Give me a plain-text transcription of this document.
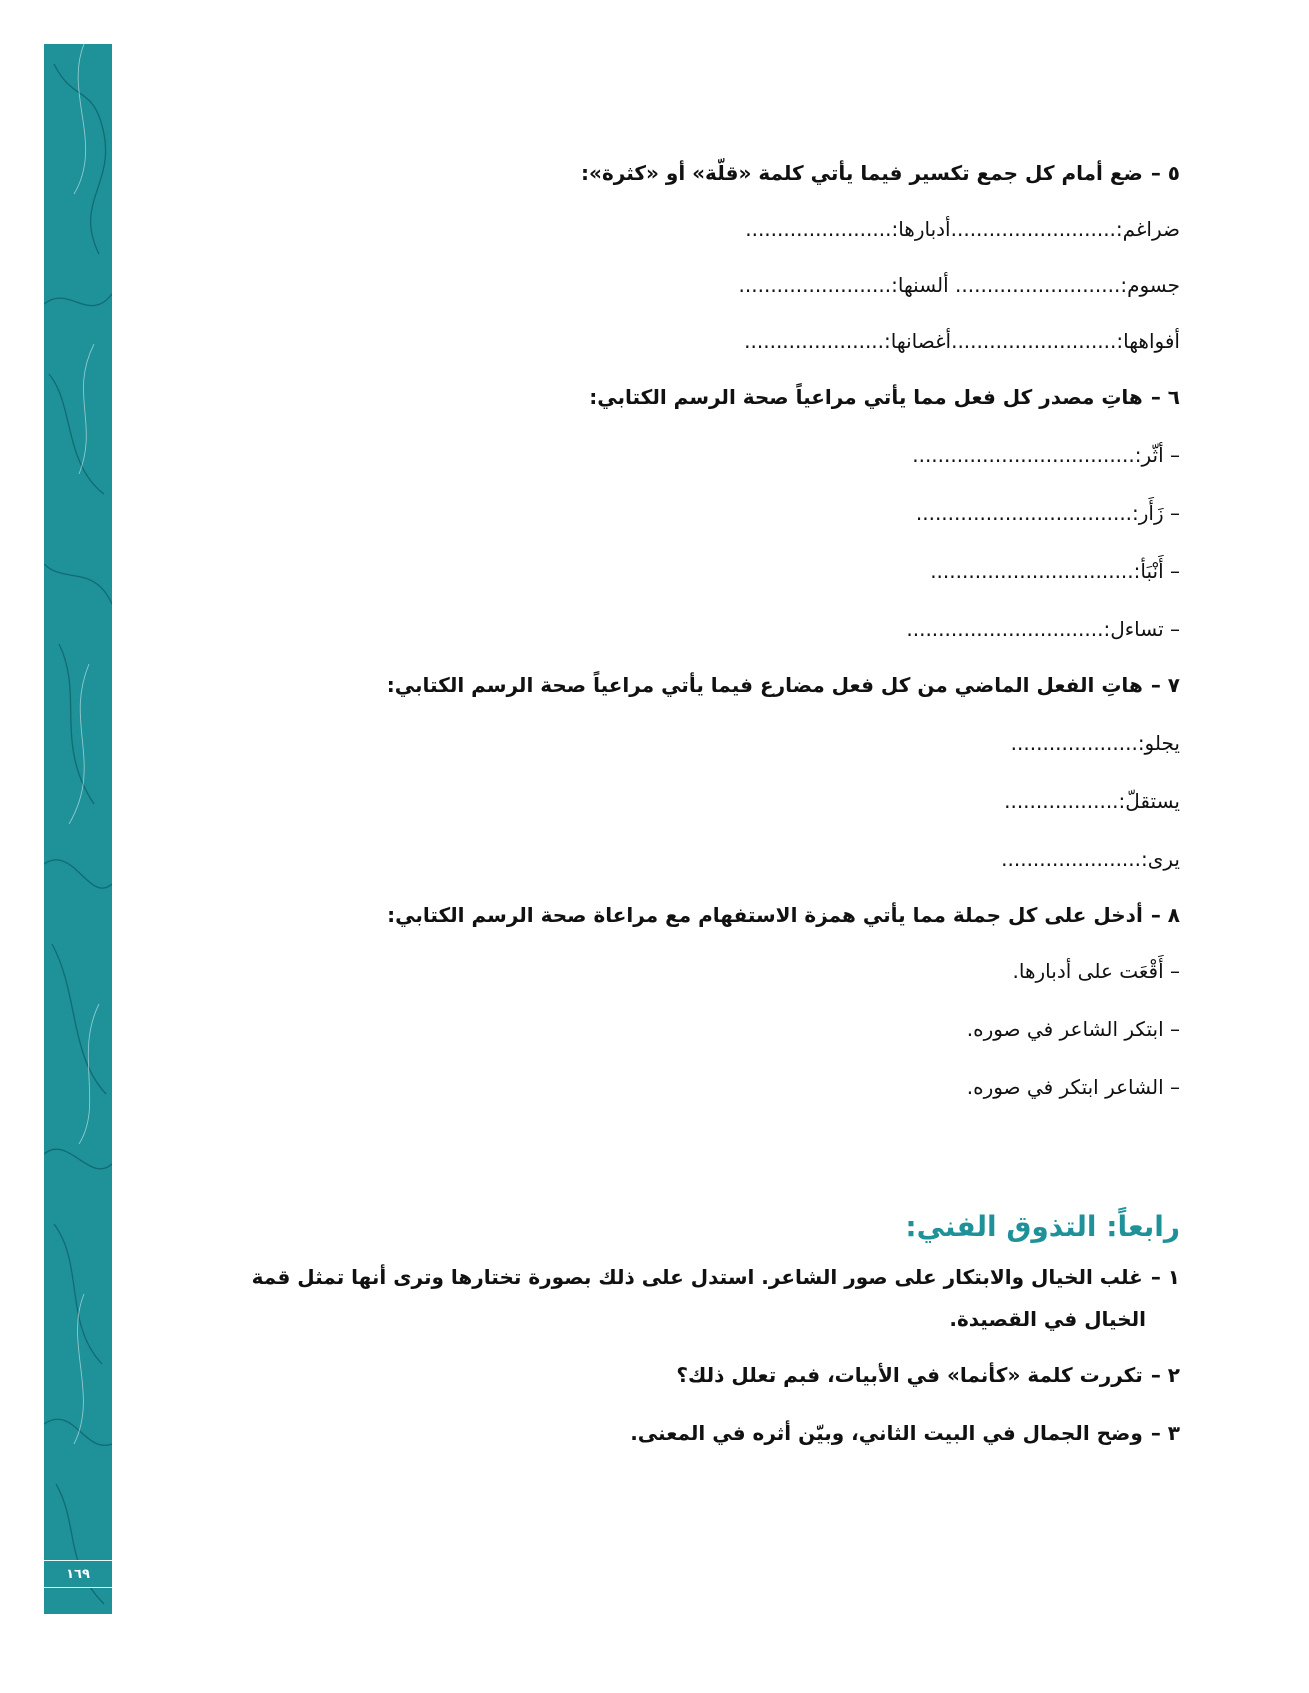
١٦٩
٥ –ضع أمام كل جمع تكسير فيما يأتي كلمة «قلّة» أو «كثرة»:
ضراغم:..........................أدبارها:.......................
جسوم:.......................... ألسنها:........................
أفواهها:..........................أغصانها:......................
٦ –هاتِ مصدر كل فعل مما يأتي مراعياً صحة الرسم الكتابي:
– أثّر:...................................
– زَأَر:..................................
– أَنْبَأ:................................
– تساءل:...............................
٧ –هاتِ الفعل الماضي من كل فعل مضارع فيما يأتي مراعياً صحة الرسم الكتابي:
يجلو:....................
يستقلّ:..................
يرى:......................
٨ –أدخل على كل جملة مما يأتي همزة الاستفهام مع مراعاة صحة الرسم الكتابي:
– أَقْعَت على أدبارها.
– ابتكر الشاعر في صوره.
– الشاعر ابتكر في صوره.
رابعاً: التذوق الفني:
١ –غلب الخيال والابتكار على صور الشاعر. استدل على ذلك بصورة تختارها وترى أنها تمثل قمة
الخيال في القصيدة.
٢ –تكررت كلمة «كأنما» في الأبيات، فبم تعلل ذلك؟
٣ –وضح الجمال في البيت الثاني، وبيّن أثره في المعنى.
